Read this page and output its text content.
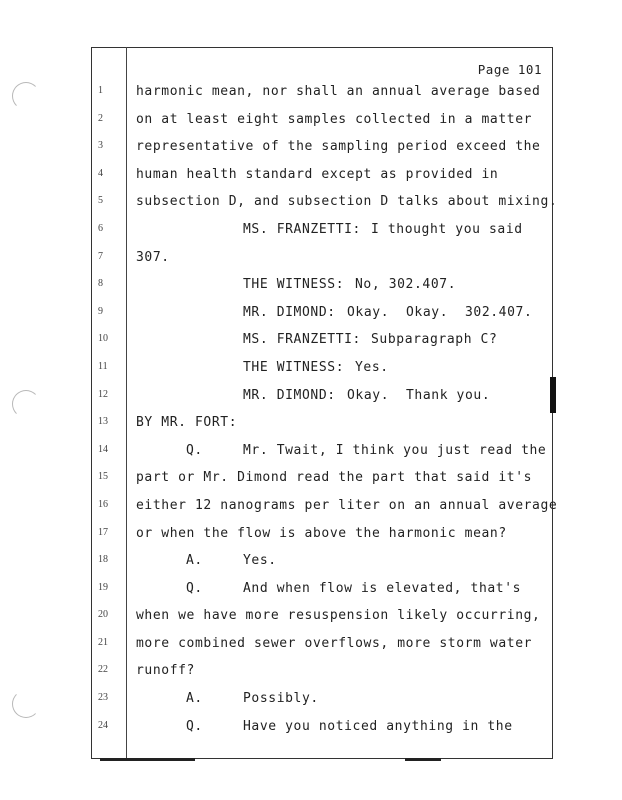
Page 101
1	harmonic mean, nor shall an annual average based
2	on at least eight samples collected in a matter
3	representative of the sampling period exceed the
4	human health standard except as provided in
5	subsection D, and subsection D talks about mixing.
6	MS. FRANZETTI: I thought you said
7	307.
8	THE WITNESS: No, 302.407.
9	MR. DIMOND: Okay.  Okay.  302.407.
10	MS. FRANZETTI: Subparagraph C?
11	THE WITNESS: Yes.
12	MR. DIMOND: Okay.  Thank you.
13	BY MR. FORT:
14	Q.	Mr. Twait, I think you just read the
15	part or Mr. Dimond read the part that said it's
16	either 12 nanograms per liter on an annual average
17	or when the flow is above the harmonic mean?
18	A.	Yes.
19	Q.	And when flow is elevated, that's
20	when we have more resuspension likely occurring,
21	more combined sewer overflows, more storm water
22	runoff?
23	A.	Possibly.
24	Q.	Have you noticed anything in the
